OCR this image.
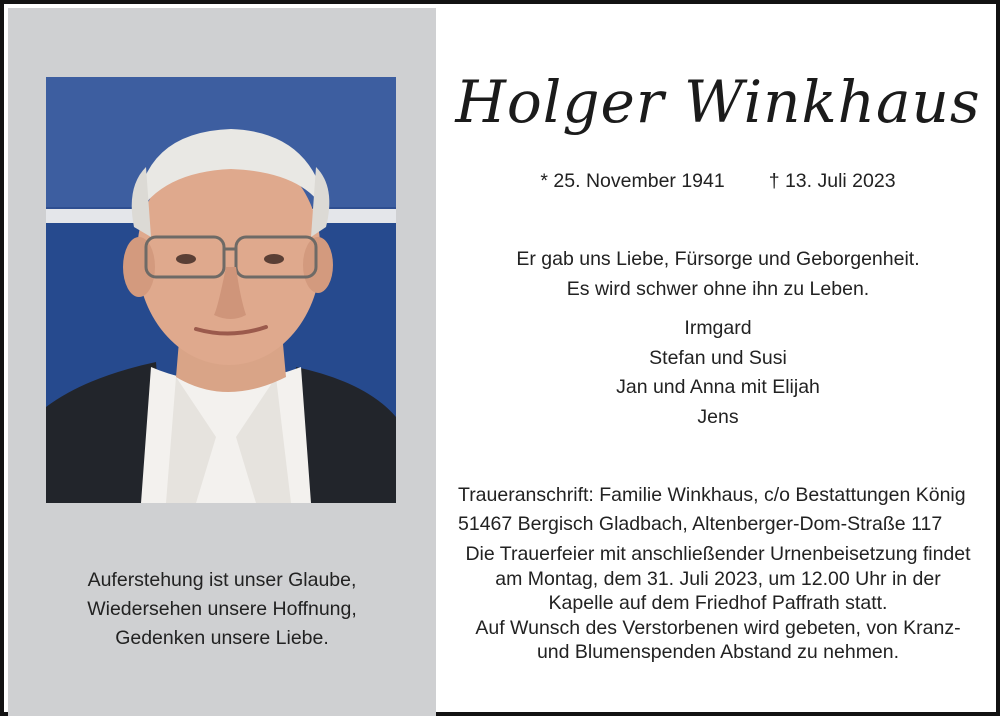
Auferstehung ist unser Glaube,
Wiedersehen unsere Hoffnung,
Gedenken unsere Liebe.
Holger Winkhaus
* 25. November 1941 † 13. Juli 2023
Er gab uns Liebe, Fürsorge und Geborgenheit.
Es wird schwer ohne ihn zu Leben.
Irmgard
Stefan und Susi
Jan und Anna mit Elijah
Jens
Traueranschrift: Familie Winkhaus, c/o Bestattungen König
51467 Bergisch Gladbach, Altenberger-Dom-Straße 117
Die Trauerfeier mit anschließender Urnenbeisetzung findet
am Montag, dem 31. Juli 2023, um 12.00 Uhr in der
Kapelle auf dem Friedhof Paffrath statt.
Auf Wunsch des Verstorbenen wird gebeten, von Kranz-
und Blumenspenden Abstand zu nehmen.
